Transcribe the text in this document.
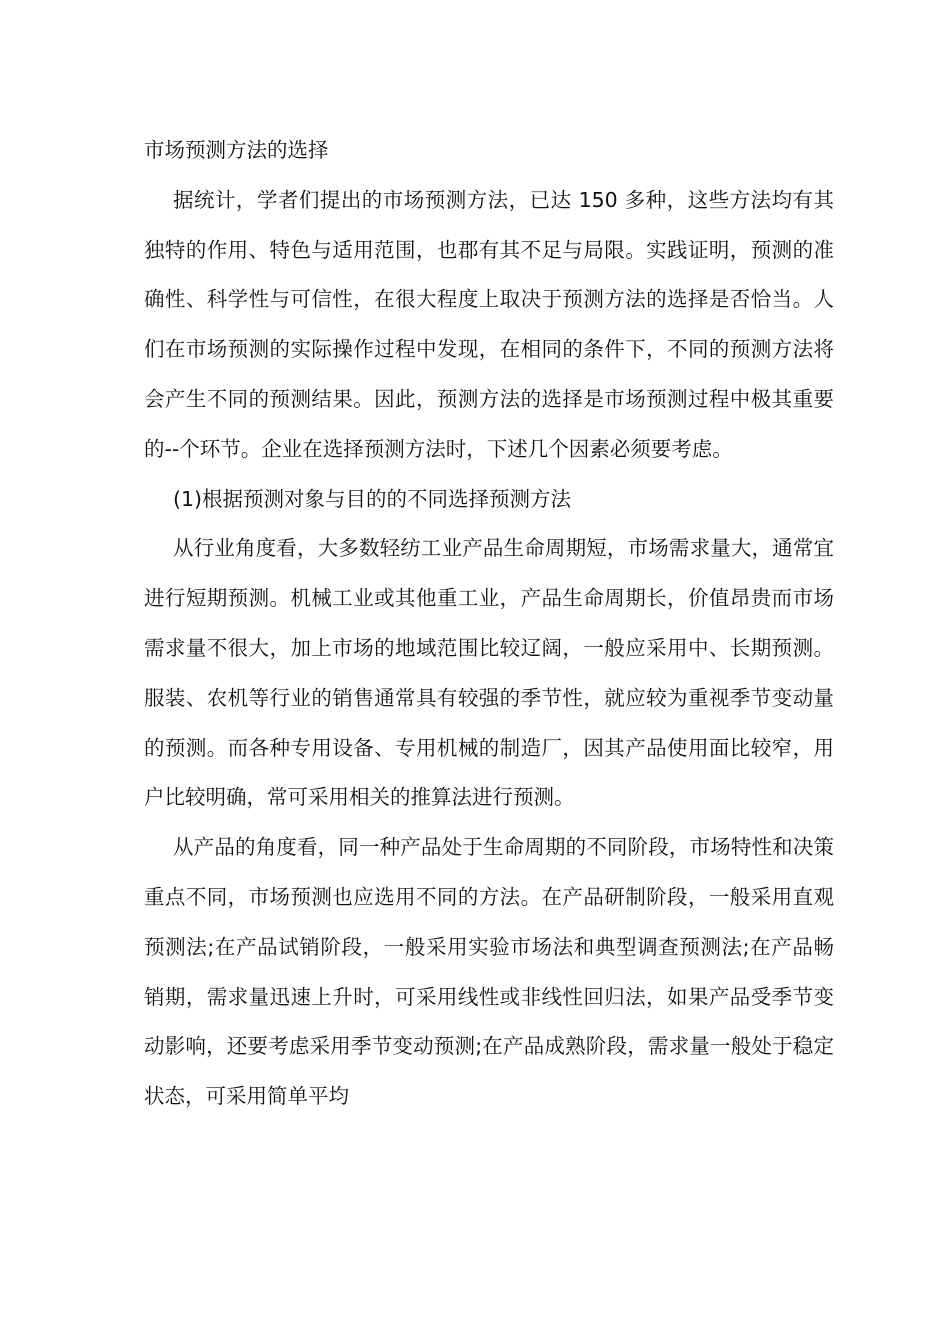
市场预测方法的选择

据统计，学者们提出的市场预测方法，已达 150 多种，这些方法均有其独特的作用、特色与适用范围，也郡有其不足与局限。实践证明，预测的准确性、科学性与可信性，在很大程度上取决于预测方法的选择是否恰当。人们在市场预测的实际操作过程中发现，在相同的条件下，不同的预测方法将会产生不同的预测结果。因此，预测方法的选择是市场预测过程中极其重要的--个环节。企业在选择预测方法时，下述几个因素必须要考虑。

(1)根据预测对象与目的的不同选择预测方法

从行业角度看，大多数轻纺工业产品生命周期短，市场需求量大，通常宜进行短期预测。机械工业或其他重工业，产品生命周期长，价值昂贵而市场需求量不很大，加上市场的地域范围比较辽阔，一般应采用中、长期预测。服装、农机等行业的销售通常具有较强的季节性，就应较为重视季节变动量的预测。而各种专用设备、专用机械的制造厂，因其产品使用面比较窄，用户比较明确，常可采用相关的推算法进行预测。

从产品的角度看，同一种产品处于生命周期的不同阶段，市场特性和决策重点不同，市场预测也应选用不同的方法。在产品研制阶段，一般采用直观预测法;在产品试销阶段，一般采用实验市场法和典型调查预测法;在产品畅销期，需求量迅速上升时，可采用线性或非线性回归法，如果产品受季节变动影响，还要考虑采用季节变动预测;在产品成熟阶段，需求量一般处于稳定状态，可采用简单平均
